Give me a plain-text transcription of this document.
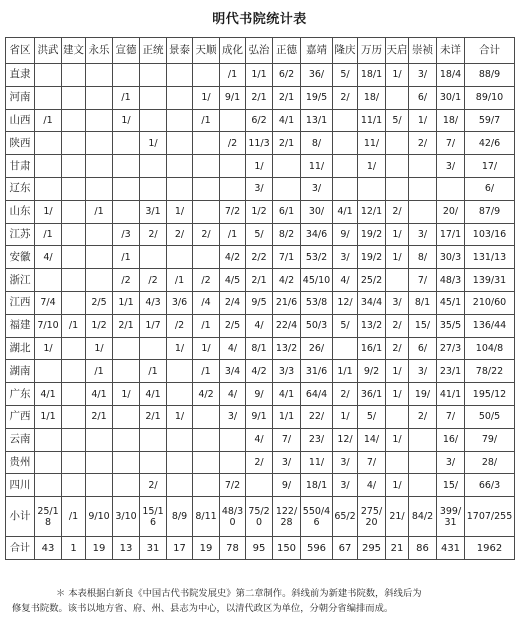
明代书院统计表
省区	洪武	建文	永乐	宣德	正统	景泰	天顺	成化	弘治	正德	嘉靖	隆庆	万历	天启	崇祯	未详	合计
直隶								/1	1/1	6/2	36/	5/	18/1	1/	3/	18/4	88/9
河南				/1			1/	9/1	2/1	2/1	19/5	2/	18/		6/	30/1	89/10
山西	/1			1/			/1		6/2	4/1	13/1		11/1	5/	1/	18/	59/7
陕西					1/			/2	11/3	2/1	8/		11/		2/	7/	42/6
甘肃									1/		11/		1/			3/	17/
辽东									3/		3/						6/
山东	1/		/1		3/1	1/		7/2	1/2	6/1	30/	4/1	12/1	2/		20/	87/9
江苏	/1			/3	2/	2/	2/	/1	5/	8/2	34/6	9/	19/2	1/	3/	17/1	103/16
安徽	4/			/1				4/2	2/2	7/1	53/2	3/	19/2	1/	8/	30/3	131/13
浙江				/2	/2	/1	/2	4/5	2/1	4/2	45/10	4/	25/2		7/	48/3	139/31
江西	7/4		2/5	1/1	4/3	3/6	/4	2/4	9/5	21/6	53/8	12/	34/4	3/	8/1	45/1	210/60
福建	7/10	/1	1/2	2/1	1/7	/2	/1	2/5	4/	22/4	50/3	5/	13/2	2/	15/	35/5	136/44
湖北	1/		1/			1/	1/	4/	8/1	13/2	26/		16/1	2/	6/	27/3	104/8
湖南			/1		/1		/1	3/4	4/2	3/3	31/6	1/1	9/2	1/	3/	23/1	78/22
广东	4/1		4/1	1/	4/1		4/2	4/	9/	4/1	64/4	2/	36/1	1/	19/	41/1	195/12
广西	1/1		2/1		2/1	1/		3/	9/1	1/1	22/	1/	5/		2/	7/	50/5
云南									4/	7/	23/	12/	14/	1/		16/	79/
贵州									2/	3/	11/	3/	7/			3/	28/
四川					2/			7/2		9/	18/1	3/	4/	1/		15/	66/3
小计	25/18	/1	9/10	3/10	15/16	8/9	8/11	48/30	75/20	122/28	550/46	65/2	275/20	21/	84/2	399/31	1707/255
合计	43	1	19	13	31	17	19	78	95	150	596	67	295	21	86	431	1962

＊ 本表根据白新良《中国古代书院发展史》第二章制作。斜线前为新建书院数，斜线后为

修复书院数。该书以地方省、府、州、县志为中心，以清代政区为单位，分朝分省编排而成。
